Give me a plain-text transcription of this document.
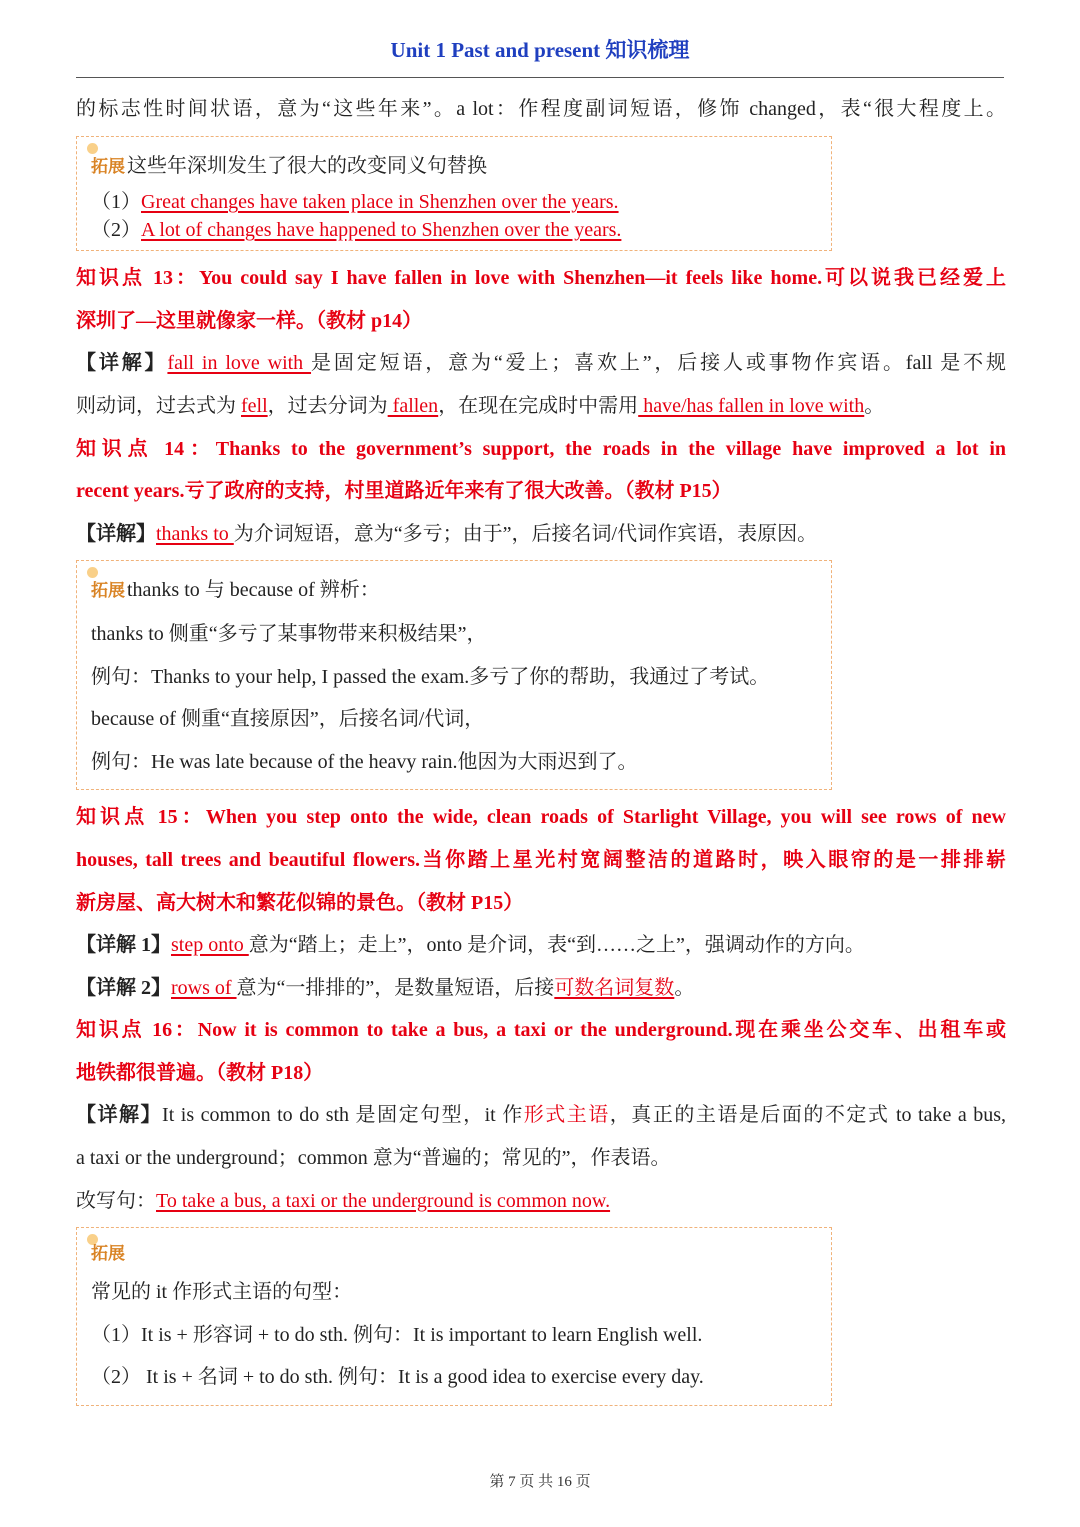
Unit 1 Past and present 知识梳理
的标志性时间状语，意为“这些年来”。a lot：作程度副词短语，修饰 changed，表“很大程度上。
拓展 这些年深圳发生了很大的改变同义句替换
（1）Great changes have taken place in Shenzhen over the years.
（2）A lot of changes have happened to Shenzhen over the years.
知识点 13：You could say I have fallen in love with Shenzhen—it feels like home.可以说我已经爱上
深圳了—这里就像家一样。（教材 p14）
【详解】fall in love with 是固定短语，意为“爱上；喜欢上”，后接人或事物作宾语。fall 是不规
则动词，过去式为 fell，过去分词为 fallen，在现在完成时中需用 have/has fallen in love with。
知识点 14：Thanks to the government’s support, the roads in the village have improved a lot in
recent years.亏了政府的支持，村里道路近年来有了很大改善。（教材 P15）
【详解】thanks to 为介词短语，意为“多亏；由于”，后接名词/代词作宾语，表原因。
拓展 thanks to 与 because of 辨析：
thanks to 侧重“多亏了某事物带来积极结果”，
例句：Thanks to your help, I passed the exam.多亏了你的帮助，我通过了考试。
because of 侧重“直接原因”，后接名词/代词，
例句：He was late because of the heavy rain.他因为大雨迟到了。
知识点 15：When you step onto the wide, clean roads of Starlight Village, you will see rows of new
houses, tall trees and beautiful flowers.当你踏上星光村宽阔整洁的道路时，映入眼帘的是一排排崭
新房屋、高大树木和繁花似锦的景色。（教材 P15）
【详解 1】step onto 意为“踏上；走上”，onto 是介词，表“到……之上”，强调动作的方向。
【详解 2】rows of 意为“一排排的”，是数量短语，后接可数名词复数。
知识点 16：Now it is common to take a bus, a taxi or the underground.现在乘坐公交车、出租车或
地铁都很普遍。（教材 P18）
【详解】It is common to do sth 是固定句型，it 作形式主语，真正的主语是后面的不定式 to take a bus,
a taxi or the underground；common 意为“普遍的；常见的”，作表语。
改写句：To take a bus, a taxi or the underground is common now.
拓展
常见的 it 作形式主语的句型：
（1）It is + 形容词 + to do sth. 例句：It is important to learn English well.
（2） It is + 名词 + to do sth. 例句：It is a good idea to exercise every day.
第 7 页 共 16 页
